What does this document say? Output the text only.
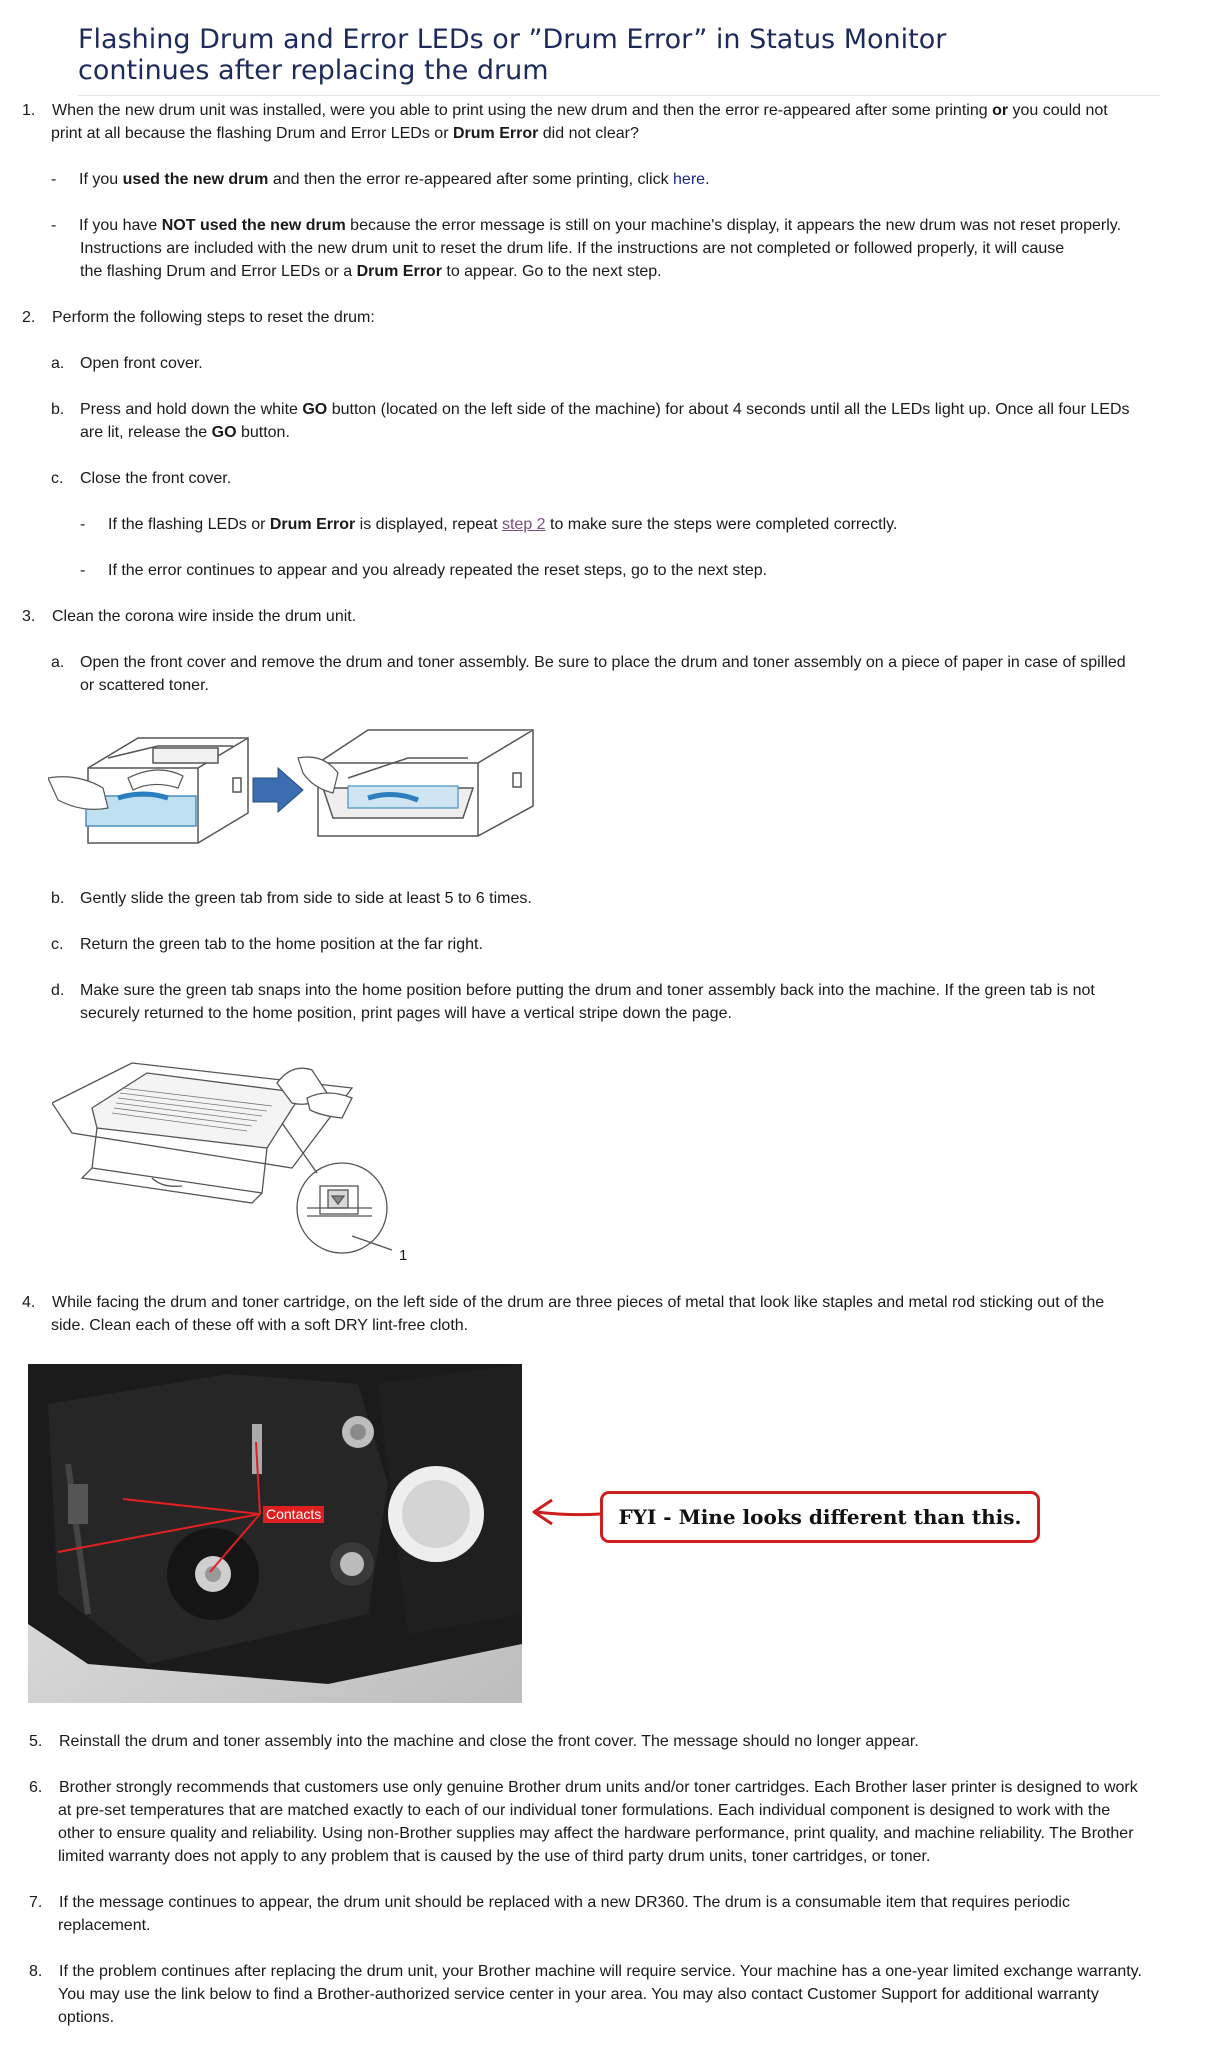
Flashing Drum and Error LEDs or ”Drum Error” in Status Monitor continues after replacing the drum
1. When the new drum unit was installed, were you able to print using the new drum and then the error re-appeared after some printing or you could not
print at all because the flashing Drum and Error LEDs or Drum Error did not clear?
- If you used the new drum and then the error re-appeared after some printing, click here.
- If you have NOT used the new drum because the error message is still on your machine's display, it appears the new drum was not reset properly.
Instructions are included with the new drum unit to reset the drum life. If the instructions are not completed or followed properly, it will cause
the flashing Drum and Error LEDs or a Drum Error to appear. Go to the next step.
2. Perform the following steps to reset the drum:
a. Open front cover.
b. Press and hold down the white GO button (located on the left side of the machine) for about 4 seconds until all the LEDs light up. Once all four LEDs
are lit, release the GO button.
c. Close the front cover.
- If the flashing LEDs or Drum Error is displayed, repeat step 2 to make sure the steps were completed correctly.
- If the error continues to appear and you already repeated the reset steps, go to the next step.
3. Clean the corona wire inside the drum unit.
a. Open the front cover and remove the drum and toner assembly. Be sure to place the drum and toner assembly on a piece of paper in case of spilled
or scattered toner.
b. Gently slide the green tab from side to side at least 5 to 6 times.
c. Return the green tab to the home position at the far right.
d. Make sure the green tab snaps into the home position before putting the drum and toner assembly back into the machine. If the green tab is not
securely returned to the home position, print pages will have a vertical stripe down the page.
1
4. While facing the drum and toner cartridge, on the left side of the drum are three pieces of metal that look like staples and metal rod sticking out of the
side. Clean each of these off with a soft DRY lint-free cloth.
Contacts	FYI - Mine looks different than this.
5. Reinstall the drum and toner assembly into the machine and close the front cover. The message should no longer appear.
6. Brother strongly recommends that customers use only genuine Brother drum units and/or toner cartridges. Each Brother laser printer is designed to work
at pre-set temperatures that are matched exactly to each of our individual toner formulations. Each individual component is designed to work with the
other to ensure quality and reliability. Using non-Brother supplies may affect the hardware performance, print quality, and machine reliability. The Brother
limited warranty does not apply to any problem that is caused by the use of third party drum units, toner cartridges, or toner.
7. If the message continues to appear, the drum unit should be replaced with a new DR360. The drum is a consumable item that requires periodic
replacement.
8. If the problem continues after replacing the drum unit, your Brother machine will require service. Your machine has a one-year limited exchange warranty.
You may use the link below to find a Brother-authorized service center in your area. You may also contact Customer Support for additional warranty
options.
